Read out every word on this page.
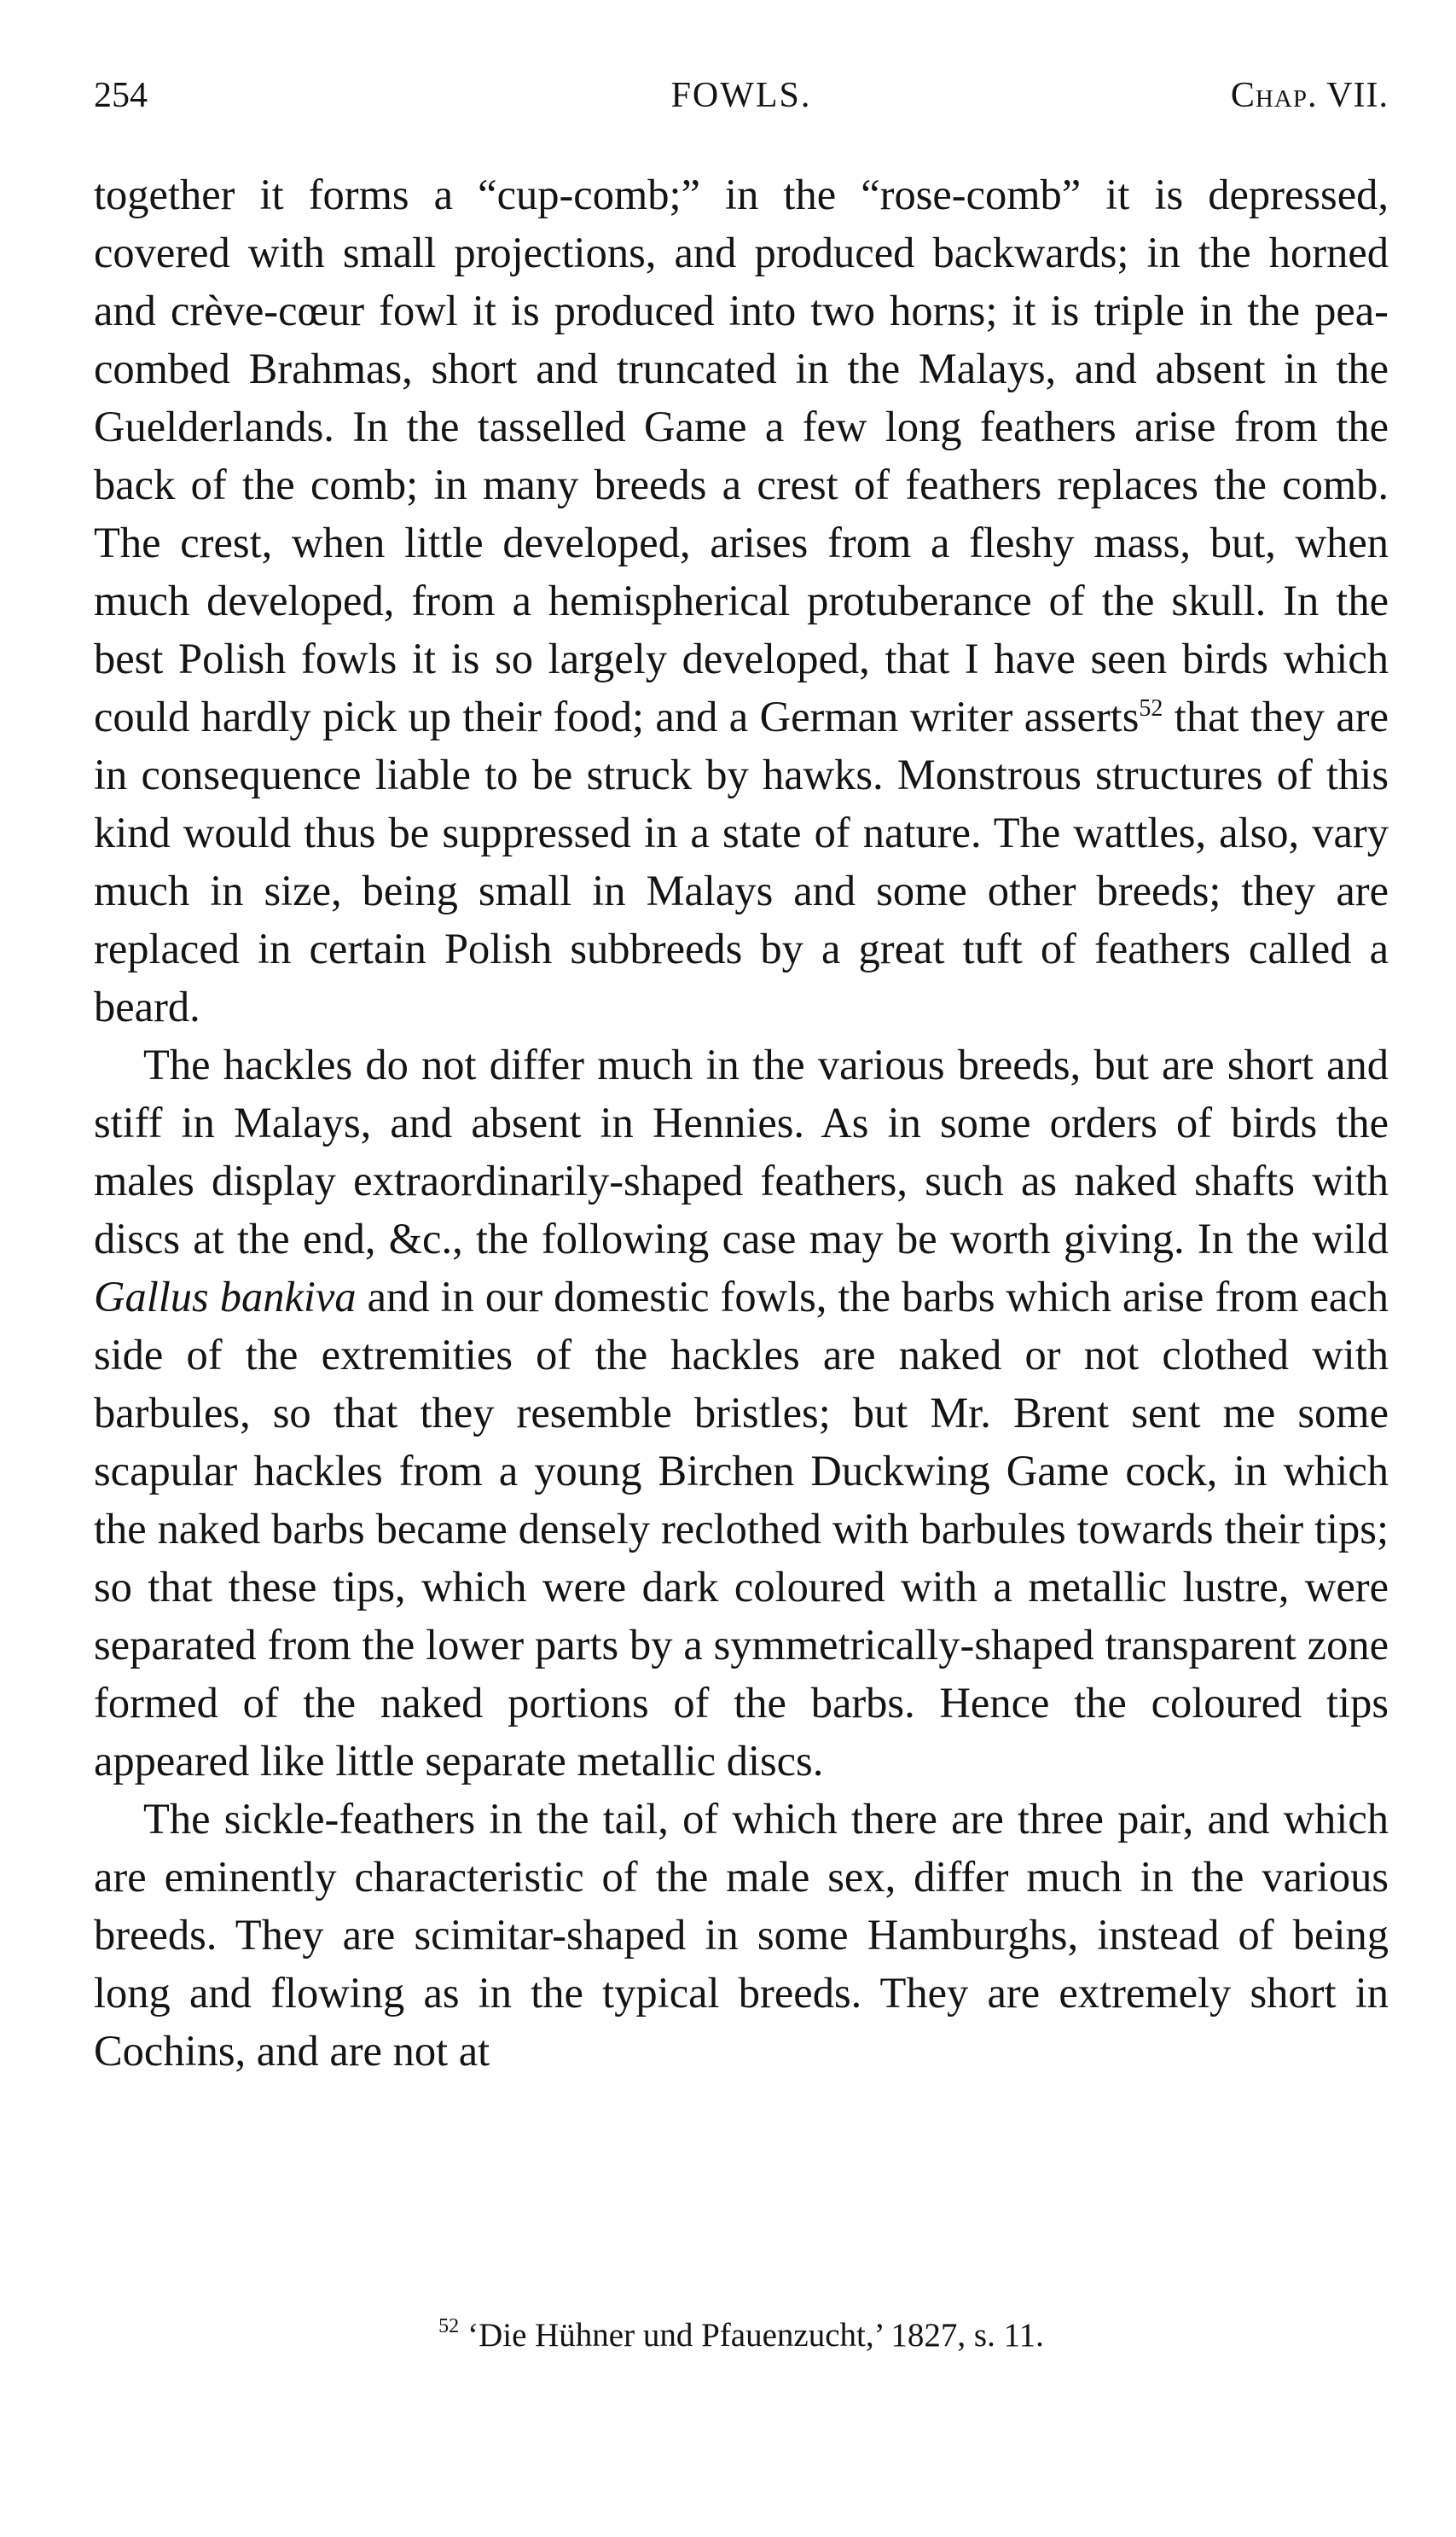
254	FOWLS.	Chap. VII.

together it forms a “cup-comb;” in the “rose-comb” it is depressed, covered with small projections, and produced backwards; in the horned and crève-cœur fowl it is produced into two horns; it is triple in the pea-combed Brahmas, short and truncated in the Malays, and absent in the Guelderlands. In the tasselled Game a few long feathers arise from the back of the comb; in many breeds a crest of feathers replaces the comb. The crest, when little developed, arises from a fleshy mass, but, when much developed, from a hemispherical protuberance of the skull. In the best Polish fowls it is so largely developed, that I have seen birds which could hardly pick up their food; and a German writer asserts$^{52}$ that they are in consequence liable to be struck by hawks. Monstrous structures of this kind would thus be suppressed in a state of nature. The wattles, also, vary much in size, being small in Malays and some other breeds; they are replaced in certain Polish subbreeds by a great tuft of feathers called a beard.

The hackles do not differ much in the various breeds, but are short and stiff in Malays, and absent in Hennies. As in some orders of birds the males display extraordinarily-shaped feathers, such as naked shafts with discs at the end, &c., the following case may be worth giving. In the wild Gallus bankiva and in our domestic fowls, the barbs which arise from each side of the extremities of the hackles are naked or not clothed with barbules, so that they resemble bristles; but Mr. Brent sent me some scapular hackles from a young Birchen Duckwing Game cock, in which the naked barbs became densely reclothed with barbules towards their tips; so that these tips, which were dark coloured with a metallic lustre, were separated from the lower parts by a symmetrically-shaped transparent zone formed of the naked portions of the barbs. Hence the coloured tips appeared like little separate metallic discs.

The sickle-feathers in the tail, of which there are three pair, and which are eminently characteristic of the male sex, differ much in the various breeds. They are scimitar-shaped in some Hamburghs, instead of being long and flowing as in the typical breeds. They are extremely short in Cochins, and are not at

$^{52}$ ‘Die Hühner und Pfauenzucht,’ 1827, s. 11.
